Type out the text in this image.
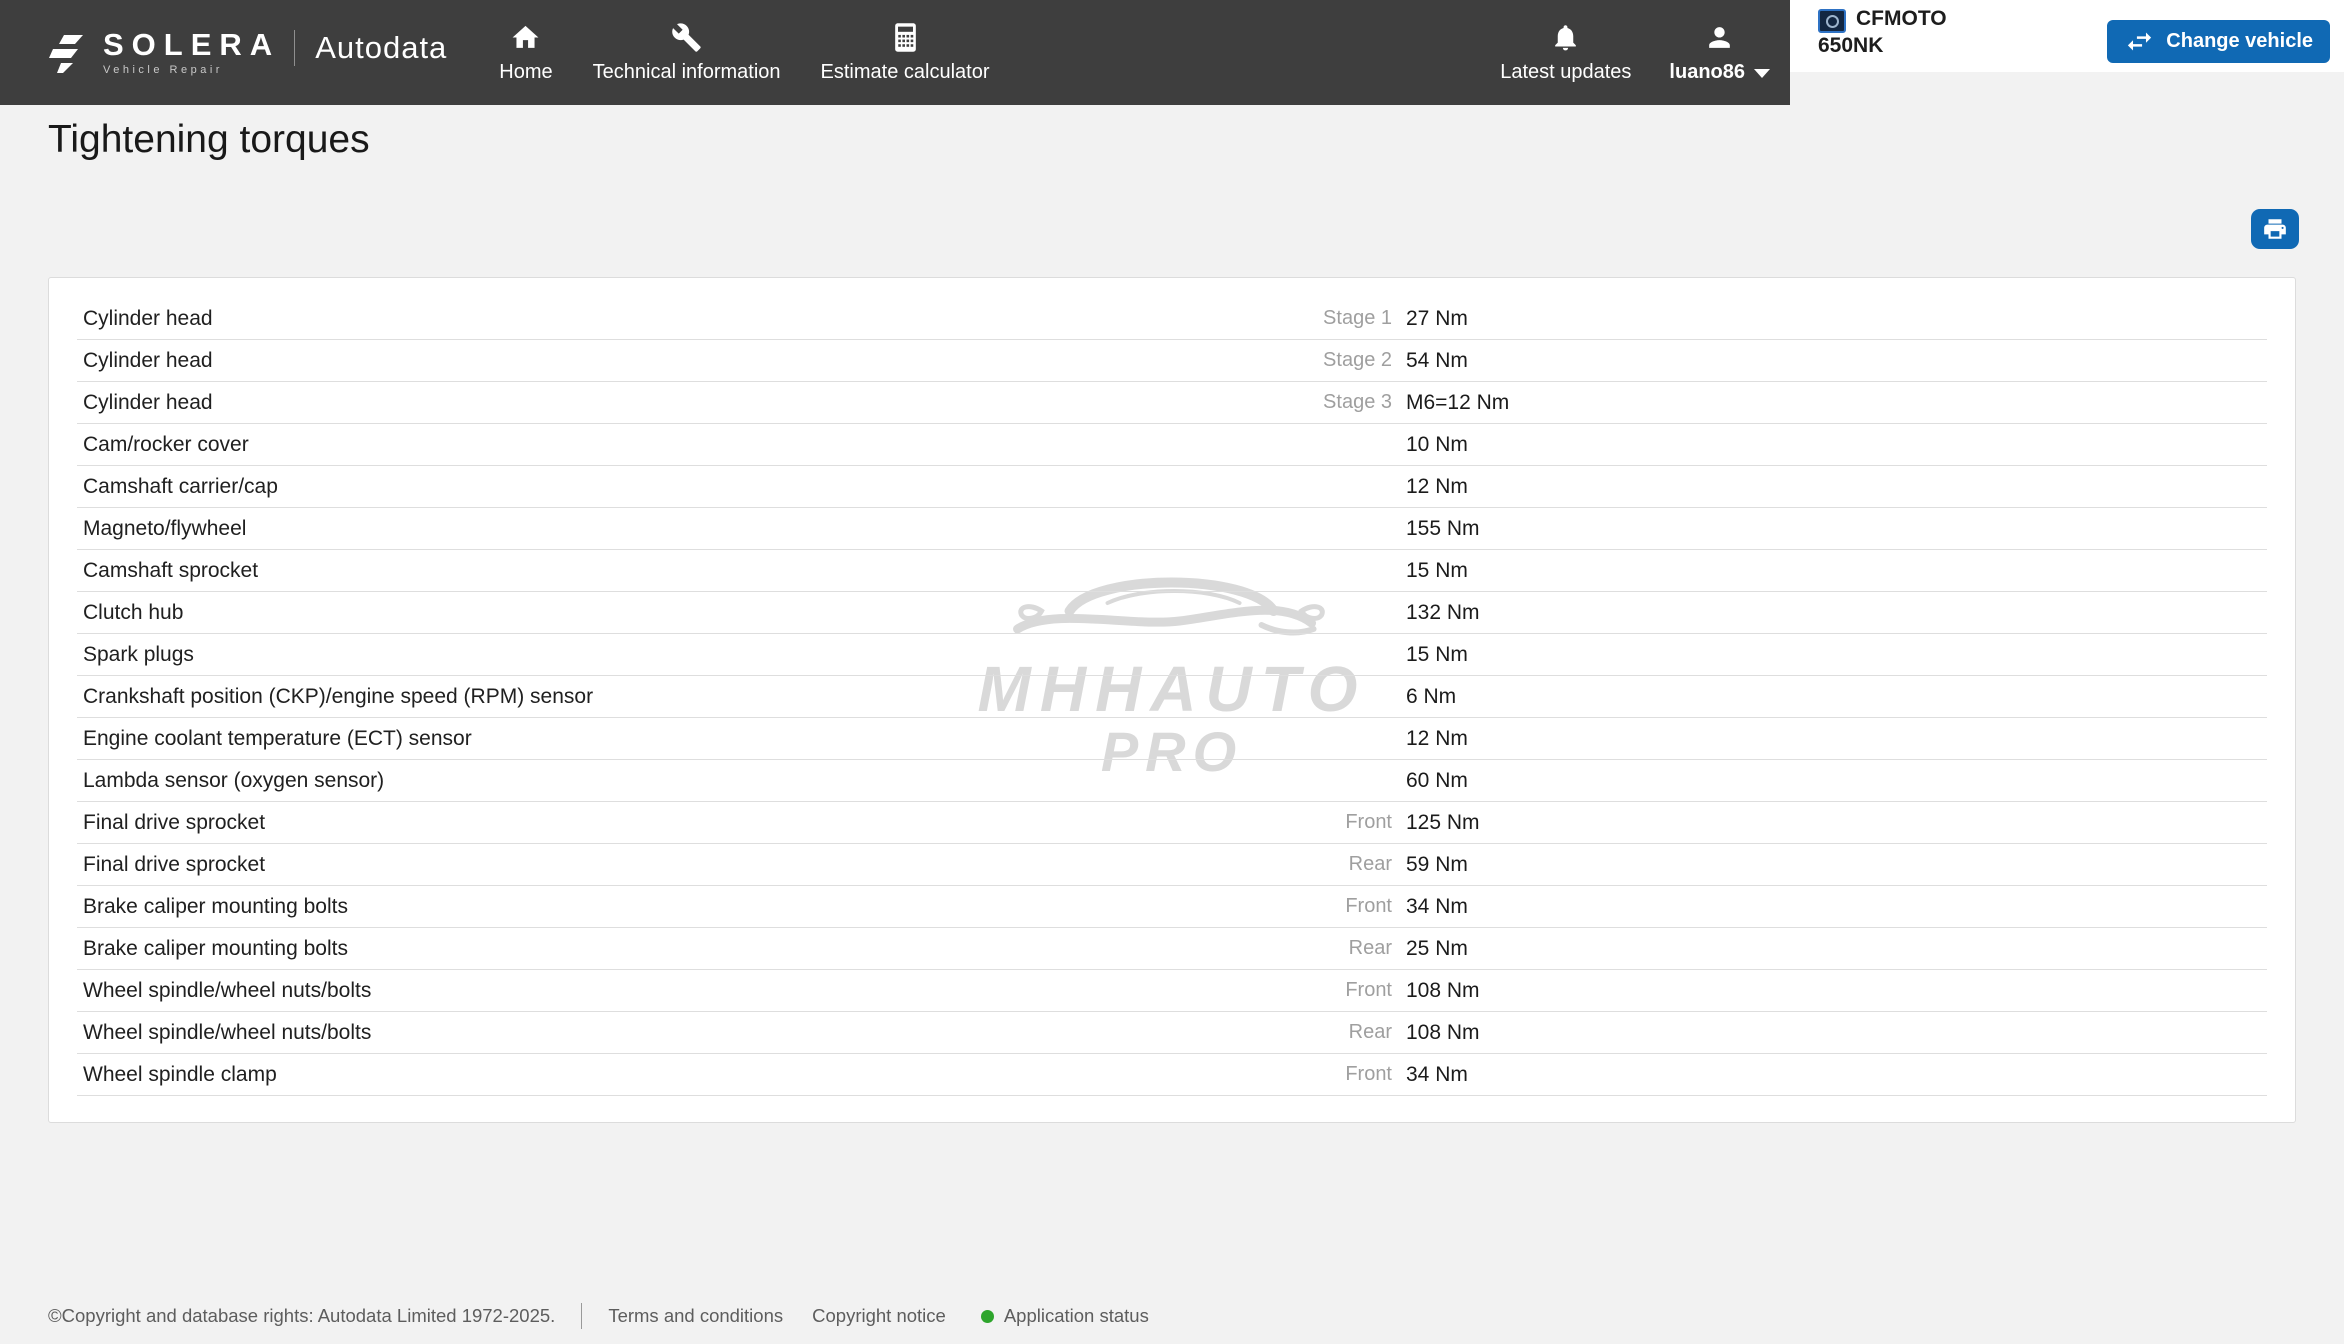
SOLERA
Vehicle Repair
Autodata
Home Technical information Estimate calculator	Latest updates luano86
CFMOTO
650NK	Change vehicle
Tightening torques
MHHAUTO
PRO
Cylinder head	Stage 1 27 Nm
Cylinder head	Stage 2 54 Nm
Cylinder head	Stage 3 M6=12 Nm
Cam/rocker cover	10 Nm
Camshaft carrier/cap	12 Nm
Magneto/flywheel	155 Nm
Camshaft sprocket	15 Nm
Clutch hub	132 Nm
Spark plugs	15 Nm
Crankshaft position (CKP)/engine speed (RPM) sensor	6 Nm
Engine coolant temperature (ECT) sensor	12 Nm
Lambda sensor (oxygen sensor)	60 Nm
Final drive sprocket	Front 125 Nm
Final drive sprocket	Rear 59 Nm
Brake caliper mounting bolts	Front 34 Nm
Brake caliper mounting bolts	Rear 25 Nm
Wheel spindle/wheel nuts/bolts	Front 108 Nm
Wheel spindle/wheel nuts/bolts	Rear 108 Nm
Wheel spindle clamp	Front 34 Nm
©Copyright and database rights: Autodata Limited 1972-2025.	Terms and conditions Copyright notice	Application status
